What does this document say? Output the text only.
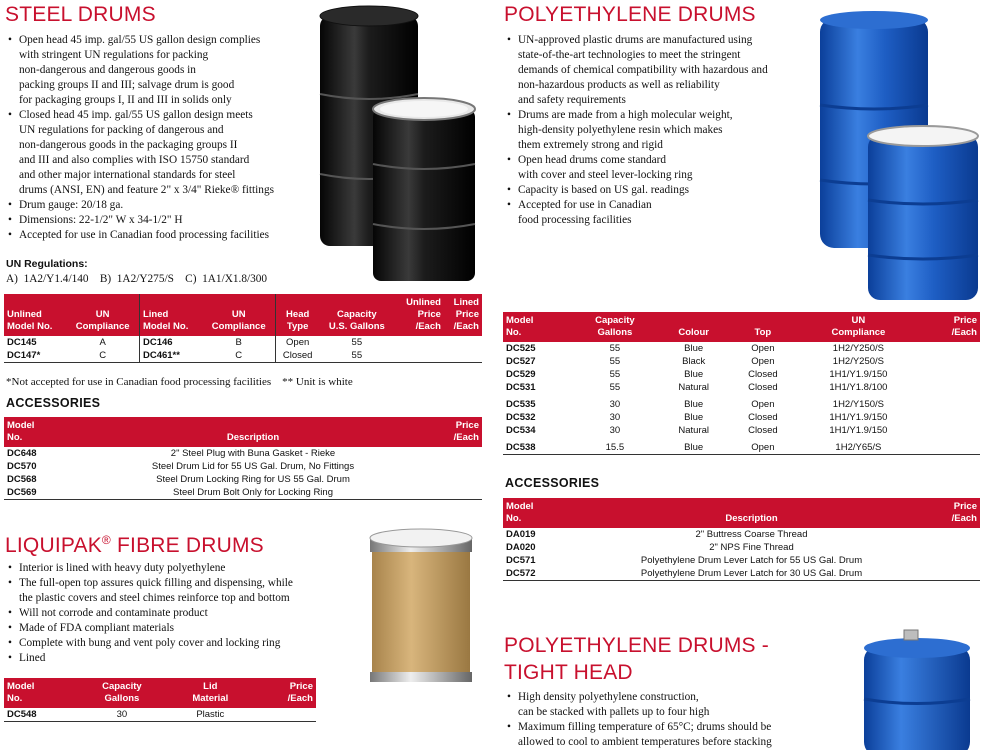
STEEL DRUMS
• Open head 45 imp. gal/55 US gallon design complies
with stringent UN regulations for packing
non-dangerous and dangerous goods in
packing groups II and III; salvage drum is good
for packaging groups I, II and III in solids only
• Closed head 45 imp. gal/55 US gallon design meets
UN regulations for packing of dangerous and
non-dangerous goods in the packaging groups II
and III and also complies with ISO 15750 standard
and other major international standards for steel
drums (ANSI, EN) and feature 2" x 3/4" Rieke® fittings
• Drum gauge: 20/18 ga.
• Dimensions: 22-1/2" W x 34-1/2" H
• Accepted for use in Canadian food processing facilities
UN Regulations:
A)  1A2/Y1.4/140    B)  1A2/Y275/S    C)  1A1/X1.8/300
Unlined
Model No.	UN
Compliance	Lined
Model No.	UN
Compliance	Head
Type	Capacity
U.S. Gallons	Unlined
Price
/Each	Lined
Price
/Each
DC145	A	DC146	B	Open	55		
DC147*	C	DC461**	C	Closed	55		
*Not accepted for use in Canadian food processing facilities    ** Unit is white
ACCESSORIES
Model
No.	Description	Price
/Each
DC648	2" Steel Plug with Buna Gasket - Rieke	
DC570	Steel Drum Lid for 55 US Gal. Drum, No Fittings	
DC568	Steel Drum Locking Ring for US 55 Gal. Drum	
DC569	Steel Drum Bolt Only for Locking Ring	
LIQUIPAK® FIBRE DRUMS
• Interior is lined with heavy duty polyethylene
• The full-open top assures quick filling and dispensing, while
the plastic covers and steel chimes reinforce top and bottom
• Will not corrode and contaminate product
• Made of FDA compliant materials
• Complete with bung and vent poly cover and locking ring
• Lined
Model
No.	Capacity
Gallons	Lid
Material	Price
/Each
DC548	30	Plastic	
POLYETHYLENE DRUMS
• UN-approved plastic drums are manufactured using
state-of-the-art technologies to meet the stringent
demands of chemical compatibility with hazardous and
non-hazardous products as well as reliability
and safety requirements
• Drums are made from a high molecular weight,
high-density polyethylene resin which makes
them extremely strong and rigid
• Open head drums come standard
with cover and steel lever-locking ring
• Capacity is based on US gal. readings
• Accepted for use in Canadian
food processing facilities
Model
No.	Capacity
Gallons	Colour	Top	UN
Compliance	Price
/Each
DC525	55	Blue	Open	1H2/Y250/S	
DC527	55	Black	Open	1H2/Y250/S	
DC529	55	Blue	Closed	1H1/Y1.9/150	
DC531	55	Natural	Closed	1H1/Y1.8/100	
DC535	30	Blue	Open	1H2/Y150/S	
DC532	30	Blue	Closed	1H1/Y1.9/150	
DC534	30	Natural	Closed	1H1/Y1.9/150	
DC538	15.5	Blue	Open	1H2/Y65/S	
ACCESSORIES
Model
No.	Description	Price
/Each
DA019	2" Buttress Coarse Thread	
DA020	2" NPS Fine Thread	
DC571	Polyethylene Drum Lever Latch for 55 US Gal. Drum	
DC572	Polyethylene Drum Lever Latch for 30 US Gal. Drum	
POLYETHYLENE DRUMS -
TIGHT HEAD
• High density polyethylene construction,
can be stacked with pallets up to four high
• Maximum filling temperature of 65°C; drums should be
allowed to cool to ambient temperatures before stacking
